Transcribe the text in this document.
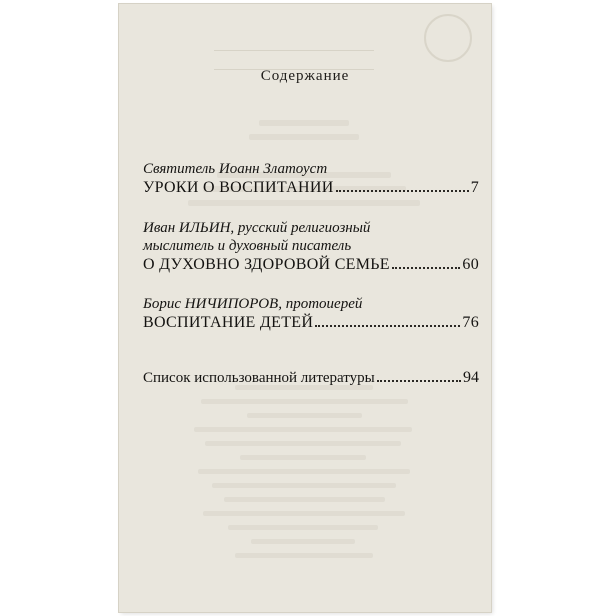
Содержание
Святитель Иоанн Златоуст
УРОКИ О ВОСПИТАНИИ	7
Иван ИЛЬИН, русский религиозный
мыслитель и духовный писатель
О ДУХОВНО ЗДОРОВОЙ СЕМЬЕ	60
Борис НИЧИПОРОВ, протоиерей
ВОСПИТАНИЕ ДЕТЕЙ	76
Список использованной литературы	94
